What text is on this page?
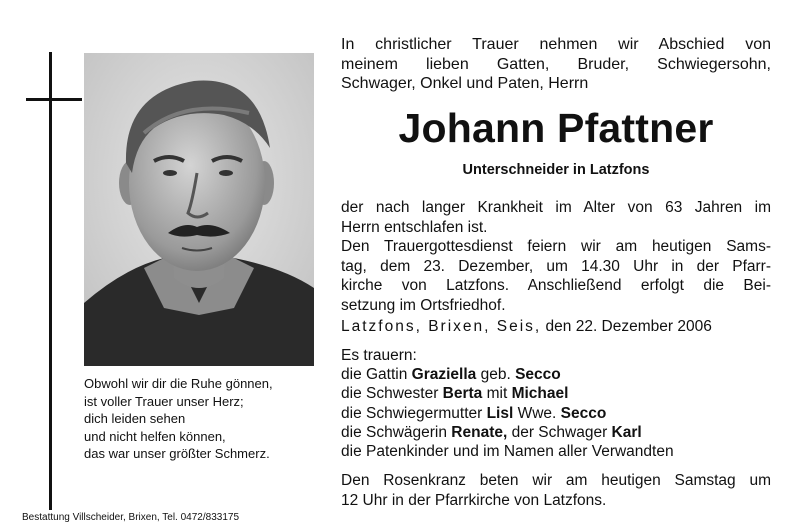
Obwohl wir dir die Ruhe gönnen,
ist voller Trauer unser Herz;
dich leiden sehen
und nicht helfen können,
das war unser größter Schmerz.
Bestattung Villscheider, Brixen, Tel. 0472/833175
In christlicher Trauer nehmen wir Abschied von
meinem lieben Gatten, Bruder, Schwiegersohn,
Schwager, Onkel und Paten, Herrn
Johann Pfattner
Unterschneider in Latzfons
der nach langer Krankheit im Alter von 63 Jahren im
Herrn entschlafen ist.
Den Trauergottesdienst feiern wir am heutigen Sams-
tag, dem 23. Dezember, um 14.30 Uhr in der Pfarr-
kirche von Latzfons. Anschließend erfolgt die Bei-
setzung im Ortsfriedhof.
Latzfons, Brixen, Seis, den 22. Dezember 2006
Es trauern:
die Gattin Graziella geb. Secco
die Schwester Berta mit Michael
die Schwiegermutter Lisl Wwe. Secco
die Schwägerin Renate, der Schwager Karl
die Patenkinder und im Namen aller Verwandten
Den Rosenkranz beten wir am heutigen Samstag um
12 Uhr in der Pfarrkirche von Latzfons.
